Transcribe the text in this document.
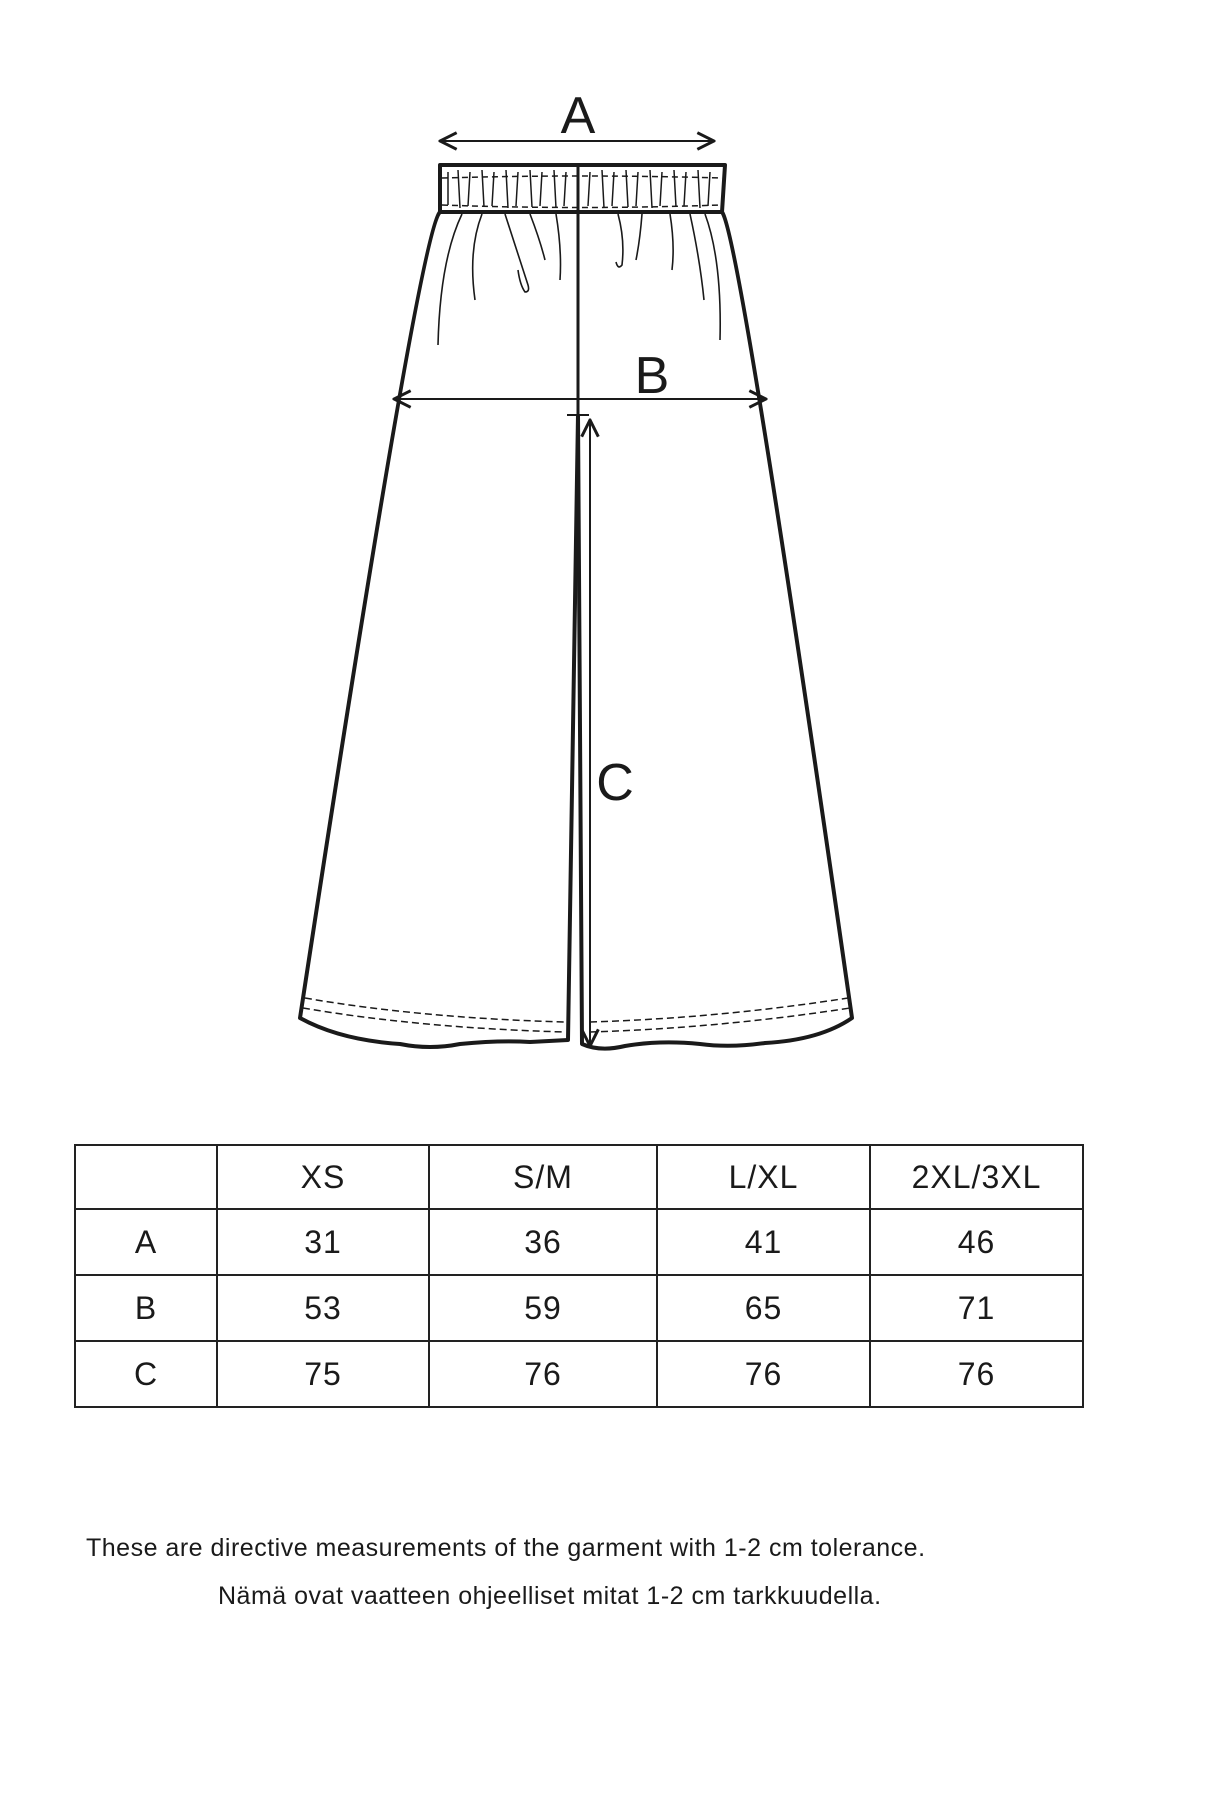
A
B
C
	XS	S/M	L/XL	2XL/3XL
A	31	36	41	46
B	53	59	65	71
C	75	76	76	76
These are directive measurements of the garment with 1-2 cm tolerance.
Nämä ovat vaatteen ohjeelliset mitat 1-2 cm tarkkuudella.
